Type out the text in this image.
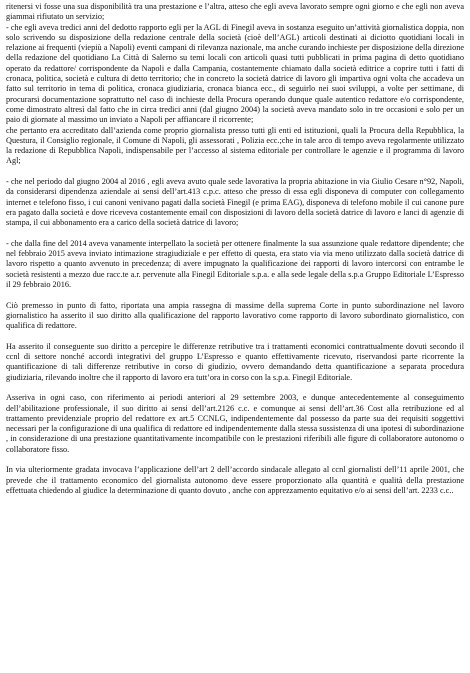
ritenersi vi fosse una sua disponibilità tra una prestazione e l’altra, atteso che egli aveva lavorato sempre ogni giorno e che egli non aveva giammai rifiutato un servizio;

- che egli aveva tredici anni del dedotto rapporto egli per la AGL di Finegil aveva in sostanza eseguito un’attività giornalistica doppia, non solo scrivendo su disposizione della redazione centrale della società (cioè dell’AGL) articoli destinati ai diciotto quotidiani locali in relazione ai frequenti (viepiù a Napoli) eventi campani di rilevanza nazionale, ma anche curando inchieste per disposizione della direzione della redazione del quotidiano La Città di Salerno su temi locali con articoli quasi tutti pubblicati in prima pagina di detto quotidiano operato da redattore/ corrispondente da Napoli e dalla Campania, costantemente chiamato dalla società editrice a coprire tutti i fatti di cronaca, politica, società e cultura di detto territorio; che in concreto la società datrice di lavoro gli impartiva ogni volta che accadeva un fatto sul territorio in tema di politica, cronaca giudiziaria, cronaca bianca ecc., di seguirlo nei suoi sviluppi, a volte per settimane, di procurarsi documentazione soprattutto nel caso di inchieste della Procura operando dunque quale autentico redattore e/o corrispondente, come dimostrato altresì dal fatto che in circa tredici anni (dal giugno 2004) la società aveva mandato solo in tre occasioni e solo per un paio di giornate al massimo un inviato a Napoli per affiancare il ricorrente;

che pertanto era accreditato dall’azienda come proprio giornalista presso tutti gli enti ed istituzioni, quali la Procura della Repubblica, la Questura, il Consiglio regionale, il Comune di Napoli, gli assessorati , Polizia ecc.;che in tale arco di tempo aveva regolarmente utilizzato la redazione di Repubblica Napoli, indispensabile per l’accesso al sistema editoriale per controllare le agenzie e il programma di lavoro Agl;

- che nel periodo dal giugno 2004 al 2016 , egli aveva avuto quale sede lavorativa la propria abitazione in via Giulio Cesare n°92, Napoli, da considerarsi dipendenza aziendale ai sensi dell’art.413 c.p.c. atteso che presso di essa egli disponeva di computer con collegamento internet e telefono fisso, i cui canoni venivano pagati dalla società Finegil (e prima EAG), disponeva di telefono mobile il cui canone pure era pagato dalla società e dove riceveva costantemente email con disposizioni di lavoro della società datrice di lavoro e lanci di agenzie di stampa, il cui abbonamento era a carico della società datrice di lavoro;

- che dalla fine del 2014 aveva vanamente interpellato la società per ottenere finalmente la sua assunzione quale redattore dipendente; che nel febbraio 2015 aveva inviato intimazione stragiudiziale e per effetto di questa, era stato via via meno utilizzato dalla società datrice di lavoro rispetto a quanto avvenuto in precedenza; di avere impugnato la qualificazione dei rapporti di lavoro intercorsi con entrambe le società resistenti a mezzo due racc.te a.r. pervenute alla Finegil Editoriale s.p.a. e alla sede legale della s.p.a Gruppo Editoriale L’Espresso il 29 febbraio 2016.

Ciò premesso in punto di fatto, riportata una ampia rassegna di massime della suprema Corte in punto subordinazione nel lavoro giornalistico ha asserito il suo diritto alla qualificazione del rapporto lavorativo come rapporto di lavoro subordinato giornalistico, con qualifica di redattore.

Ha asserito il conseguente suo diritto a percepire le differenze retributive tra i trattamenti economici contrattualmente dovuti secondo il ccnl di settore nonché accordi integrativi del gruppo L’Espresso e quanto effettivamente ricevuto, riservandosi parte ricorrente la quantificazione di tali differenze retributive in corso di giudizio, ovvero demandando detta quantificazione a separata procedura giudiziaria, rilevando inoltre che il rapporto di lavoro era tutt’ora in corso con la s.p.a. Finegil Editoriale.

Asseriva in ogni caso, con riferimento ai periodi anteriori al 29 settembre 2003, e dunque antecedentemente al conseguimento dell’abilitazione professionale, il suo diritto ai sensi dell’art.2126 c.c. e comunque ai sensi dell’art.36 Cost alla retribuzione ed al trattamento previdenziale proprio del redattore ex art.5 CCNLG, indipendentemente dal possesso da parte sua dei requisiti soggettivi necessari per la configurazione di una qualifica di redattore ed indipendentemente dalla stessa sussistenza di una ipotesi di subordinazione , in considerazione di una prestazione quantitativamente incompatibile con le prestazioni riferibili alle figure di collaboratore autonomo o collaboratore fisso.

In via ulteriormente gradata invocava l’applicazione dell’art 2 dell’accordo sindacale allegato al ccnl giornalisti dell’11 aprile 2001, che prevede che il trattamento economico del giornalista autonomo deve essere proporzionato alla quantità e qualità della prestazione effettuata chiedendo al giudice la determinazione di quanto dovuto , anche con apprezzamento equitativo e/o ai sensi dell’art. 2233 c.c..
